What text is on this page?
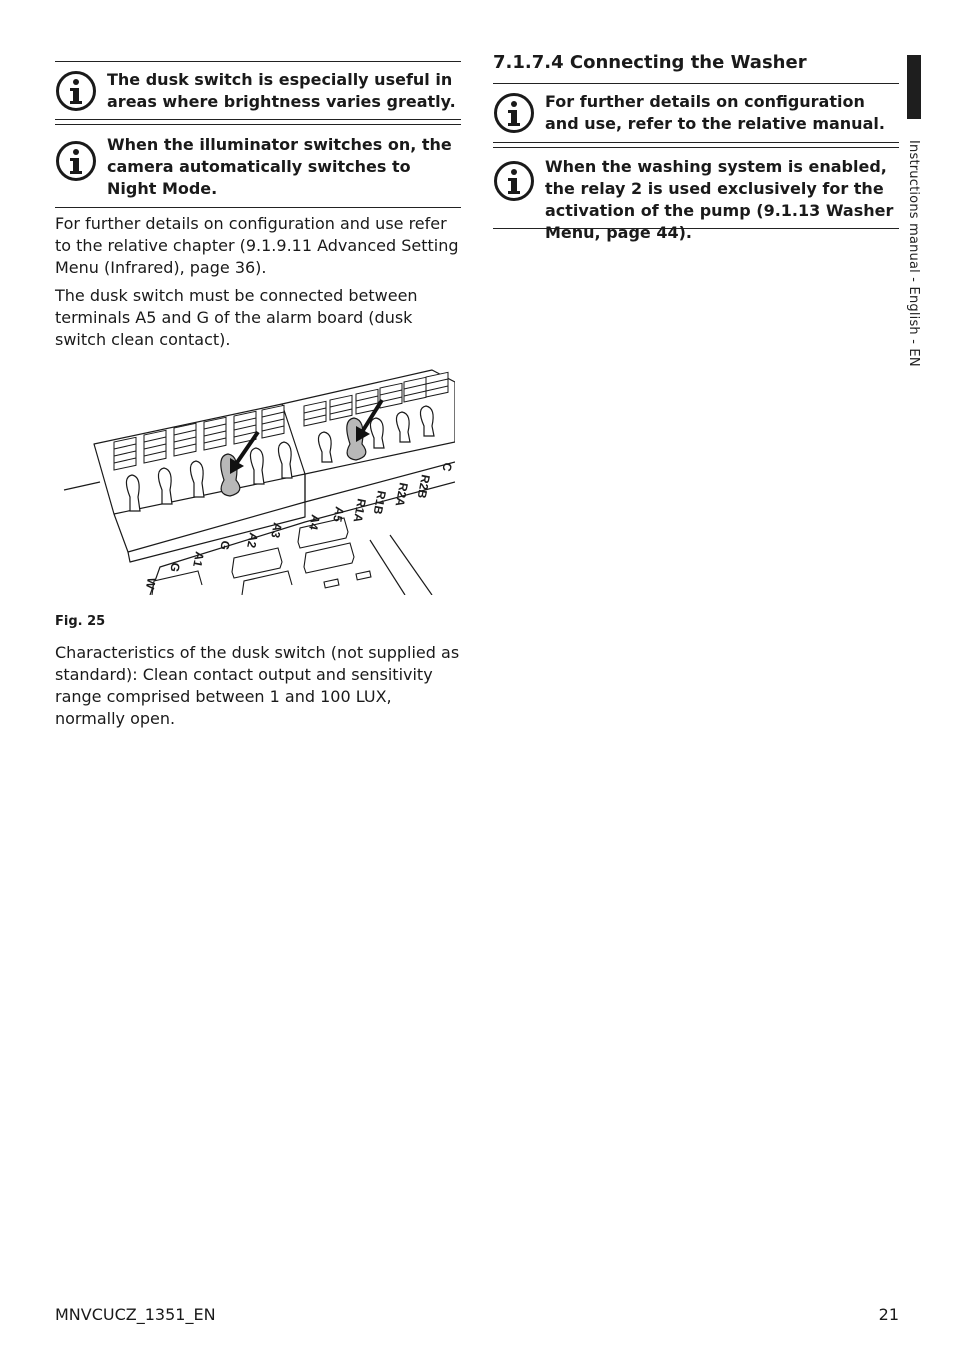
Instructions manual - English - EN
The dusk switch is especially useful in areas where brightness varies greatly.
When the illuminator switches on, the camera automatically switches to Night Mode.

For further details on configuration and use refer to the relative chapter (9.1.9.11 Advanced Setting Menu (Infrared), page 36).

The dusk switch must be connected between terminals A5 and G of the alarm board (dusk switch clean contact).

Fig. 25

Characteristics of the dusk switch (not supplied as standard): Clean contact output and sensitivity range comprised between 1 and 100 LUX, normally open.

W
G A1
G A2
A3 A4 A5 R1A R1B R2A R2B
C
7.1.7.4 Connecting the Washer
For further details on configuration and use, refer to the relative manual.
When the washing system is enabled, the relay 2 is used exclusively for the activation of the pump (9.1.13 Washer Menu, page 44).
MNVCUCZ_1351_EN	21
